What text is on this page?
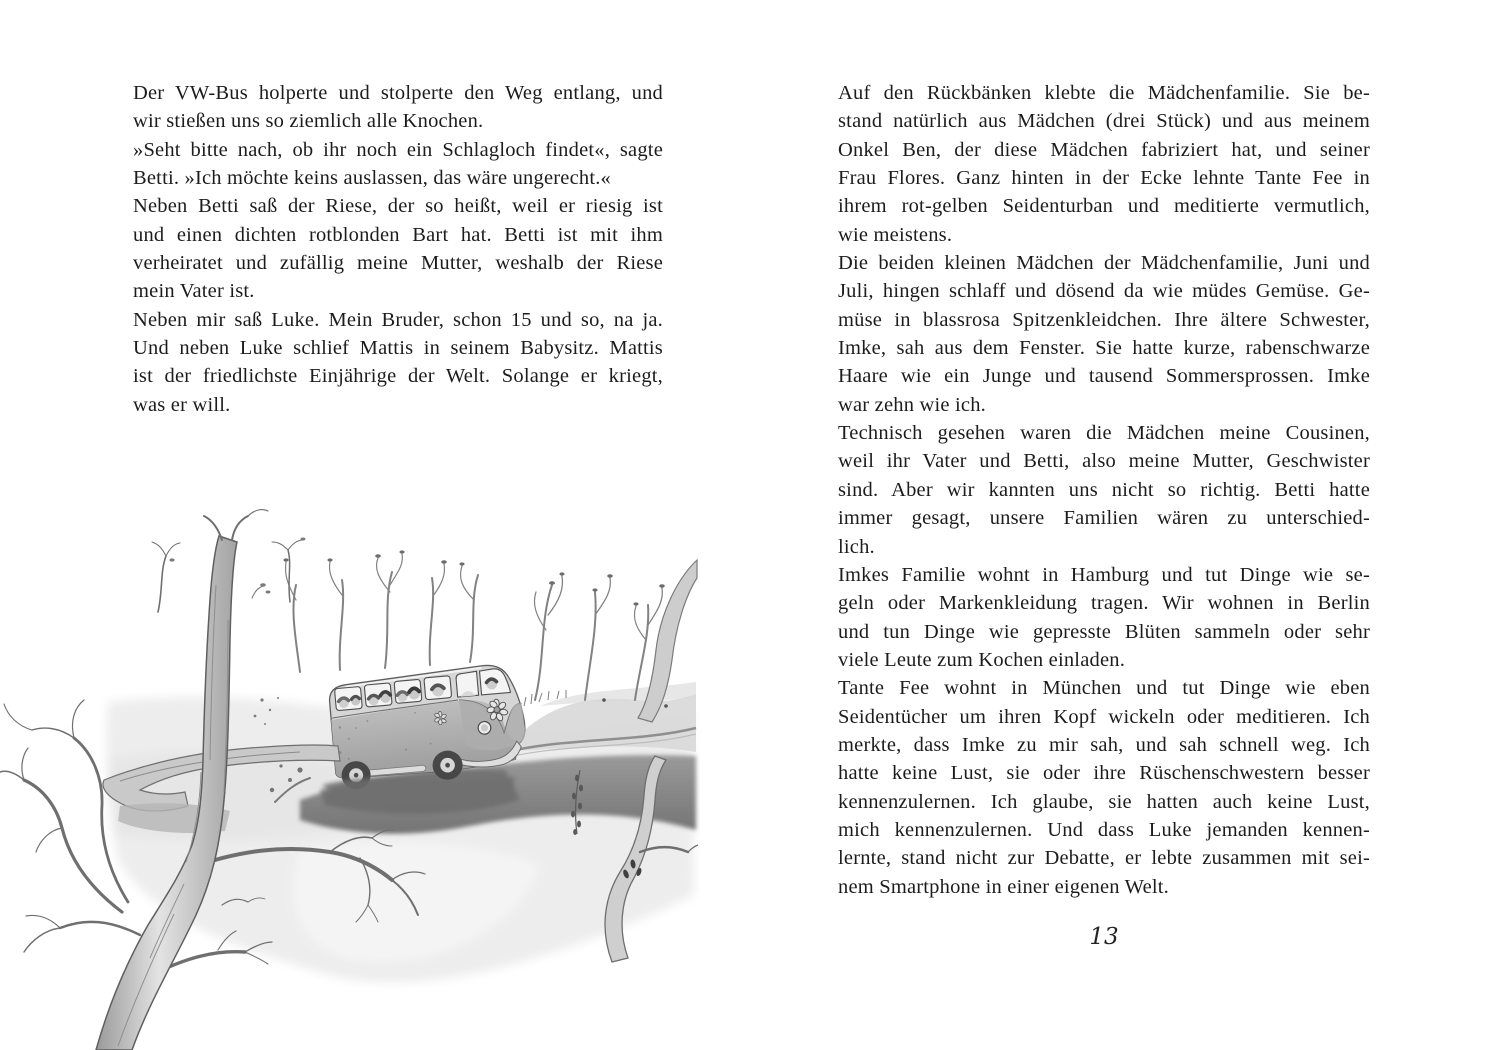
Der VW-Bus holperte und stolperte den Weg entlang, und
wir stießen uns so ziemlich alle Knochen.
»Seht bitte nach, ob ihr noch ein Schlagloch findet«, sagte
Betti. »Ich möchte keins auslassen, das wäre ungerecht.«
Neben Betti saß der Riese, der so heißt, weil er riesig ist
und einen dichten rotblonden Bart hat. Betti ist mit ihm
verheiratet und zufällig meine Mutter, weshalb der Riese
mein Vater ist.
Neben mir saß Luke. Mein Bruder, schon 15 und so, na ja.
Und neben Luke schlief Mattis in seinem Babysitz. Mattis
ist der friedlichste Einjährige der Welt. Solange er kriegt,
was er will.
Auf den Rückbänken klebte die Mädchenfamilie. Sie be-
stand natürlich aus Mädchen (drei Stück) und aus meinem
Onkel Ben, der diese Mädchen fabriziert hat, und seiner
Frau Flores. Ganz hinten in der Ecke lehnte Tante Fee in
ihrem rot-gelben Seidenturban und meditierte vermutlich,
wie meistens.
Die beiden kleinen Mädchen der Mädchenfamilie, Juni und
Juli, hingen schlaff und dösend da wie müdes Gemüse. Ge-
müse in blassrosa Spitzenkleidchen. Ihre ältere Schwester,
Imke, sah aus dem Fenster. Sie hatte kurze, rabenschwarze
Haare wie ein Junge und tausend Sommersprossen. Imke
war zehn wie ich.
Technisch gesehen waren die Mädchen meine Cousinen,
weil ihr Vater und Betti, also meine Mutter, Geschwister
sind. Aber wir kannten uns nicht so richtig. Betti hatte
immer gesagt, unsere Familien wären zu unterschied-
lich.
Imkes Familie wohnt in Hamburg und tut Dinge wie se-
geln oder Markenkleidung tragen. Wir wohnen in Berlin
und tun Dinge wie gepresste Blüten sammeln oder sehr
viele Leute zum Kochen einladen.
Tante Fee wohnt in München und tut Dinge wie eben
Seidentücher um ihren Kopf wickeln oder meditieren. Ich
merkte, dass Imke zu mir sah, und sah schnell weg. Ich
hatte keine Lust, sie oder ihre Rüschenschwestern besser
kennenzulernen. Ich glaube, sie hatten auch keine Lust,
mich kennenzulernen. Und dass Luke jemanden kennen-
lernte, stand nicht zur Debatte, er lebte zusammen mit sei-
nem Smartphone in einer eigenen Welt.
13
